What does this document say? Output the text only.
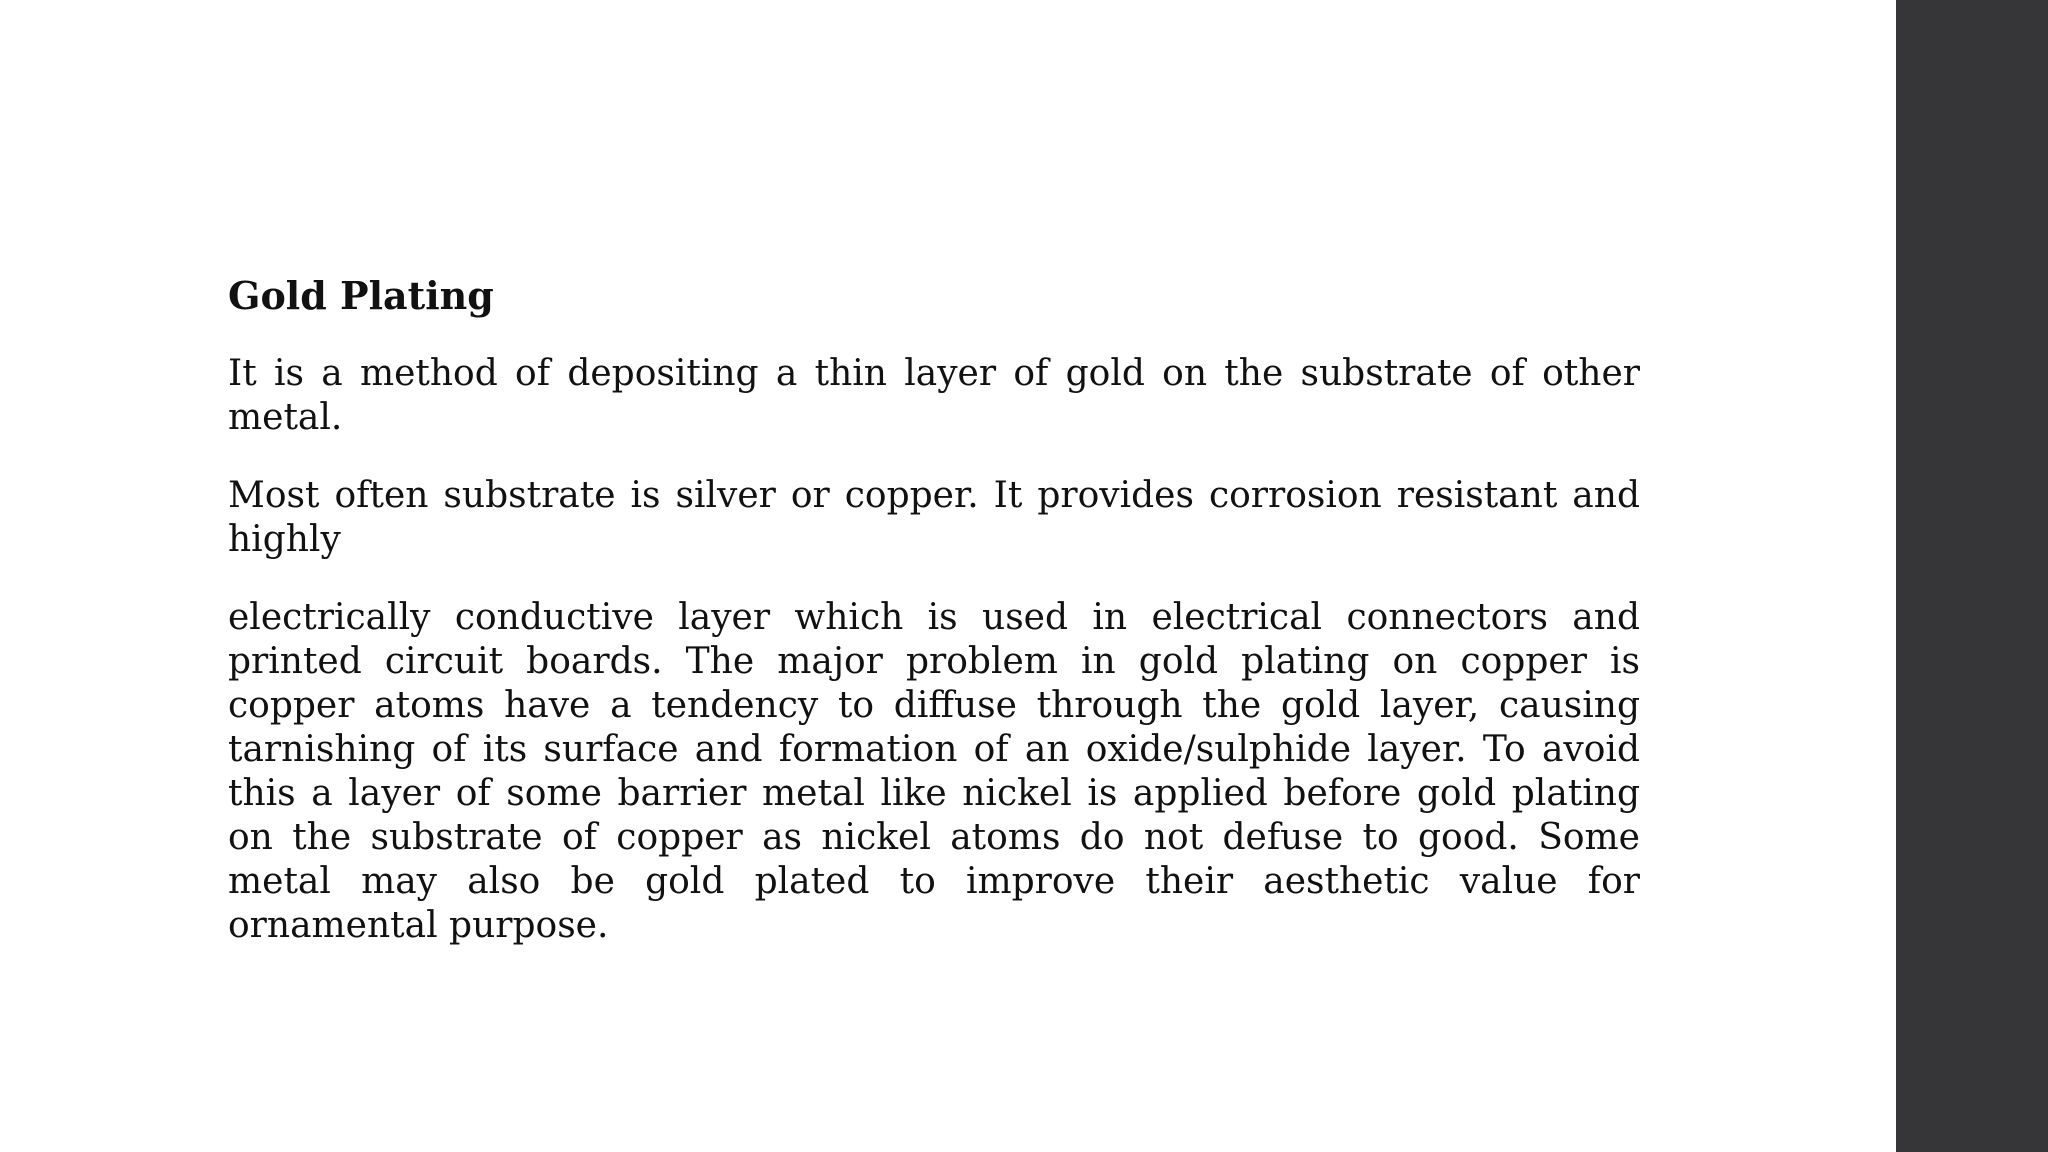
Gold Plating

It is a method of depositing a thin layer of gold on the substrate of other metal.

Most often substrate is silver or copper. It provides corrosion resistant and highly

electrically conductive layer which is used in electrical connectors and printed circuit boards. The major problem in gold plating on copper is copper atoms have a tendency to diffuse through the gold layer, causing tarnishing of its surface and formation of an oxide/sulphide layer. To avoid this a layer of some barrier metal like nickel is applied before gold plating on the substrate of copper as nickel atoms do not defuse to good. Some metal may also be gold plated to improve their aesthetic value for ornamental purpose.
